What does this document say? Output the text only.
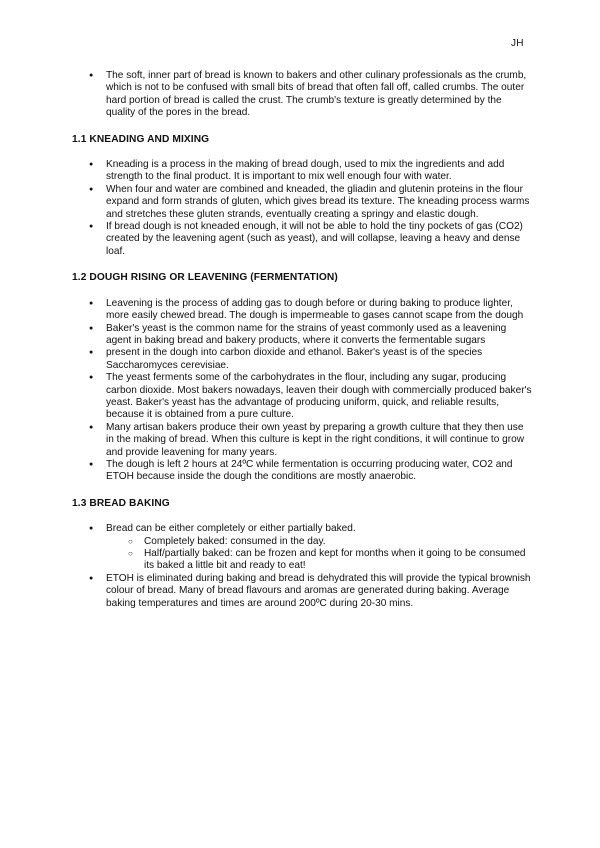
JH
● The soft, inner part of bread is known to bakers and other culinary professionals as the crumb, which is not to be confused with small bits of bread that often fall off, called crumbs. The outer hard portion of bread is called the crust. The crumb's texture is greatly determined by the quality of the pores in the bread.
1.1 KNEADING AND MIXING
● Kneading is a process in the making of bread dough, used to mix the ingredients and add strength to the final product. It is important to mix well enough four with water.
● When four and water are combined and kneaded, the gliadin and glutenin proteins in the flour expand and form strands of gluten, which gives bread its texture. The kneading process warms and stretches these gluten strands, eventually creating a springy and elastic dough.
● If bread dough is not kneaded enough, it will not be able to hold the tiny pockets of gas (CO2) created by the leavening agent (such as yeast), and will collapse, leaving a heavy and dense loaf.
1.2 DOUGH RISING OR LEAVENING (FERMENTATION)
● Leavening is the process of adding gas to dough before or during baking to produce lighter, more easily chewed bread. The dough is impermeable to gases cannot scape from the dough
● Baker's yeast is the common name for the strains of yeast commonly used as a leavening agent in baking bread and bakery products, where it converts the fermentable sugars
● present in the dough into carbon dioxide and ethanol. Baker's yeast is of the species Saccharomyces cerevisiae.
● The yeast ferments some of the carbohydrates in the flour, including any sugar, producing carbon dioxide. Most bakers nowadays, leaven their dough with commercially produced baker's yeast. Baker's yeast has the advantage of producing uniform, quick, and reliable results, because it is obtained from a pure culture.
● Many artisan bakers produce their own yeast by preparing a growth culture that they then use in the making of bread. When this culture is kept in the right conditions, it will continue to grow and provide leavening for many years.
● The dough is left 2 hours at 24ºC while fermentation is occurring producing water, CO2 and ETOH because inside the dough the conditions are mostly anaerobic.
1.3 BREAD BAKING
● Bread can be either completely or either partially baked.
○ Completely baked: consumed in the day.
○ Half/partially baked: can be frozen and kept for months when it going to be consumed its baked a little bit and ready to eat!
● ETOH is eliminated during baking and bread is dehydrated this will provide the typical brownish colour of bread. Many of bread flavours and aromas are generated during baking. Average baking temperatures and times are around 200ºC during 20-30 mins.
